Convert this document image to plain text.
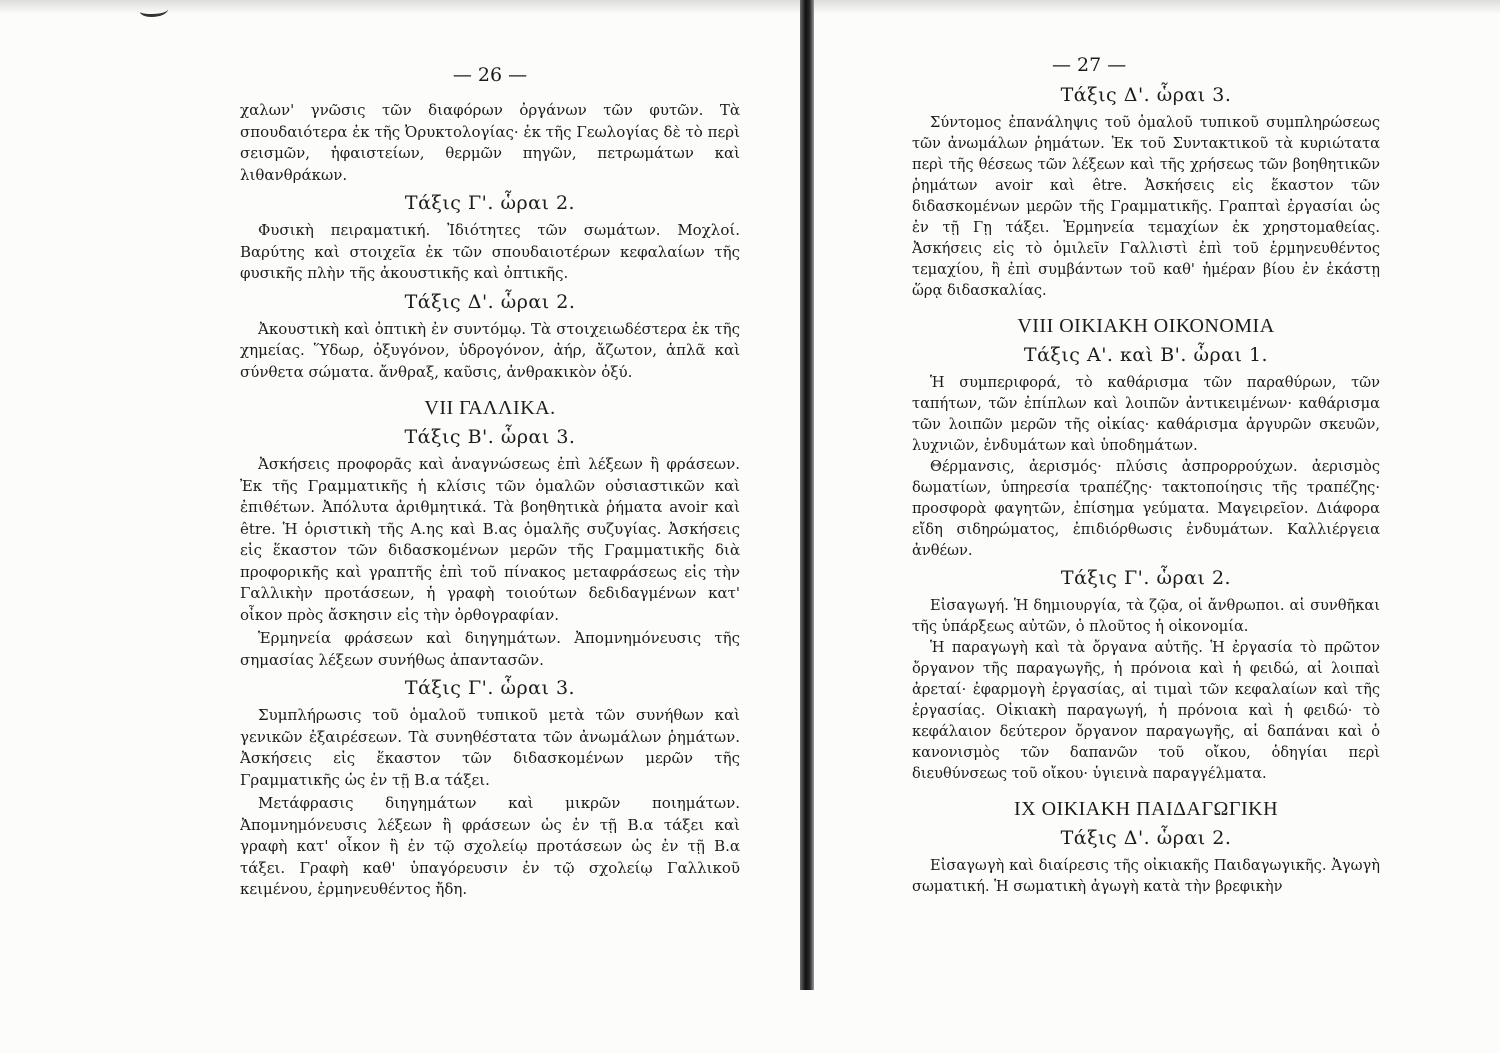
— 26 —

χαλων' γνῶσις τῶν διαφόρων ὀργάνων τῶν φυτῶν. Τὰ σπουδαιότερα ἐκ τῆς Ὀρυκτολογίας· ἐκ τῆς Γεωλογίας δὲ τὸ περὶ σεισμῶν, ἡφαιστείων, θερμῶν πηγῶν, πετρωμάτων καὶ λιθανθράκων.

Τάξις Γ'. ὧραι 2.

Φυσικὴ πειραματική. Ἰδιότητες τῶν σωμάτων. Μοχλοί. Βαρύτης καὶ στοιχεῖα ἐκ τῶν σπουδαιοτέρων κεφαλαίων τῆς φυσικῆς πλὴν τῆς ἀκουστικῆς καὶ ὀπτικῆς.

Τάξις Δ'. ὧραι 2.

Ἀκουστικὴ καὶ ὀπτικὴ ἐν συντόμῳ. Τὰ στοιχειωδέστερα ἐκ τῆς χημείας. Ὕδωρ, ὀξυγόνον, ὑδρογόνον, ἀήρ, ἄζωτον, ἁπλᾶ καὶ σύνθετα σώματα. ἄνθραξ, καῦσις, ἀνθρακικὸν ὀξύ.

VII ΓΑΛΛΙΚΑ.
Τάξις Β'. ὧραι 3.

Ἀσκήσεις προφορᾶς καὶ ἀναγνώσεως ἐπὶ λέξεων ἢ φράσεων. Ἐκ τῆς Γραμματικῆς ἡ κλίσις τῶν ὁμαλῶν οὐσιαστικῶν καὶ ἐπιθέτων. Ἀπόλυτα ἀριθμητικά. Τὰ βοηθητικὰ ῥήματα avoir καὶ être. Ἡ ὁριστικὴ τῆς Α.ης καὶ Β.ας ὁμαλῆς συζυγίας. Ἀσκήσεις εἰς ἕκαστον τῶν διδασκομένων μερῶν τῆς Γραμματικῆς διὰ προφορικῆς καὶ γραπτῆς ἐπὶ τοῦ πίνακος μεταφράσεως εἰς τὴν Γαλλικὴν προτάσεων, ἡ γραφὴ τοιούτων δεδιδαγμένων κατ' οἶκον πρὸς ἄσκησιν εἰς τὴν ὀρθογραφίαν.

Ἑρμηνεία φράσεων καὶ διηγημάτων. Ἀπομνημόνευσις τῆς σημασίας λέξεων συνήθως ἀπαντασῶν.

Τάξις Γ'. ὧραι 3.

Συμπλήρωσις τοῦ ὁμαλοῦ τυπικοῦ μετὰ τῶν συνήθων καὶ γενικῶν ἐξαιρέσεων. Τὰ συνηθέστατα τῶν ἀνωμάλων ῥημάτων. Ἀσκήσεις εἰς ἕκαστον τῶν διδασκομένων μερῶν τῆς Γραμματικῆς ὡς ἐν τῇ Β.α τάξει.

Μετάφρασις διηγημάτων καὶ μικρῶν ποιημάτων. Ἀπομνημόνευσις λέξεων ἢ φράσεων ὡς ἐν τῇ Β.α τάξει καὶ γραφὴ κατ' οἶκον ἢ ἐν τῷ σχολείῳ προτάσεων ὡς ἐν τῇ Β.α τάξει. Γραφὴ καθ' ὑπαγόρευσιν ἐν τῷ σχολείῳ Γαλλικοῦ κειμένου, ἑρμηνευθέντος ἤδη.

— 27 —
Τάξις Δ'. ὧραι 3.

Σύντομος ἐπανάληψις τοῦ ὁμαλοῦ τυπικοῦ συμπληρώσεως τῶν ἀνωμάλων ῥημάτων. Ἐκ τοῦ Συντακτικοῦ τὰ κυριώτατα περὶ τῆς θέσεως τῶν λέξεων καὶ τῆς χρήσεως τῶν βοηθητικῶν ῥημάτων avoir καὶ être. Ἀσκήσεις εἰς ἕκαστον τῶν διδασκομένων μερῶν τῆς Γραμματικῆς. Γραπταὶ ἐργασίαι ὡς ἐν τῇ Γῃ τάξει. Ἑρμηνεία τεμαχίων ἐκ χρηστομαθείας. Ἀσκήσεις εἰς τὸ ὁμιλεῖν Γαλλιστὶ ἐπὶ τοῦ ἑρμηνευθέντος τεμαχίου, ἢ ἐπὶ συμβάντων τοῦ καθ' ἡμέραν βίου ἐν ἑκάστῃ ὥρᾳ διδασκαλίας.

VIII ΟΙΚΙΑΚΗ ΟΙΚΟΝΟΜΙΑ
Τάξις Α'. καὶ Β'. ὧραι 1.

Ἡ συμπεριφορά, τὸ καθάρισμα τῶν παραθύρων, τῶν ταπήτων, τῶν ἐπίπλων καὶ λοιπῶν ἀντικειμένων· καθάρισμα τῶν λοιπῶν μερῶν τῆς οἰκίας· καθάρισμα ἀργυρῶν σκευῶν, λυχνιῶν, ἐνδυμάτων καὶ ὑποδημάτων.

Θέρμανσις, ἀερισμός· πλύσις ἀσπρορρούχων. ἀερισμὸς δωματίων, ὑπηρεσία τραπέζης· τακτοποίησις τῆς τραπέζης· προσφορὰ φαγητῶν, ἐπίσημα γεύματα. Μαγειρεῖον. Διάφορα εἴδη σιδηρώματος, ἐπιδιόρθωσις ἐνδυμάτων. Καλλιέργεια ἀνθέων.

Τάξις Γ'. ὧραι 2.

Εἰσαγωγή. Ἡ δημιουργία, τὰ ζῷα, οἱ ἄνθρωποι. αἱ συνθῆκαι τῆς ὑπάρξεως αὐτῶν, ὁ πλοῦτος ἡ οἰκονομία.

Ἡ παραγωγὴ καὶ τὰ ὄργανα αὐτῆς. Ἡ ἐργασία τὸ πρῶτον ὄργανον τῆς παραγωγῆς, ἡ πρόνοια καὶ ἡ φειδώ, αἱ λοιπαὶ ἀρεταί· ἐφαρμογὴ ἐργασίας, αἱ τιμαὶ τῶν κεφαλαίων καὶ τῆς ἐργασίας. Οἰκιακὴ παραγωγή, ἡ πρόνοια καὶ ἡ φειδώ· τὸ κεφάλαιον δεύτερον ὄργανον παραγωγῆς, αἱ δαπάναι καὶ ὁ κανονισμὸς τῶν δαπανῶν τοῦ οἴκου, ὁδηγίαι περὶ διευθύνσεως τοῦ οἴκου· ὑγιεινὰ παραγγέλματα.

IX ΟΙΚΙΑΚΗ ΠΑΙΔΑΓΩΓΙΚΗ
Τάξις Δ'. ὧραι 2.

Εἰσαγωγὴ καὶ διαίρεσις τῆς οἰκιακῆς Παιδαγωγικῆς. Ἀγωγὴ σωματική. Ἡ σωματικὴ ἀγωγὴ κατὰ τὴν βρεφικὴν
